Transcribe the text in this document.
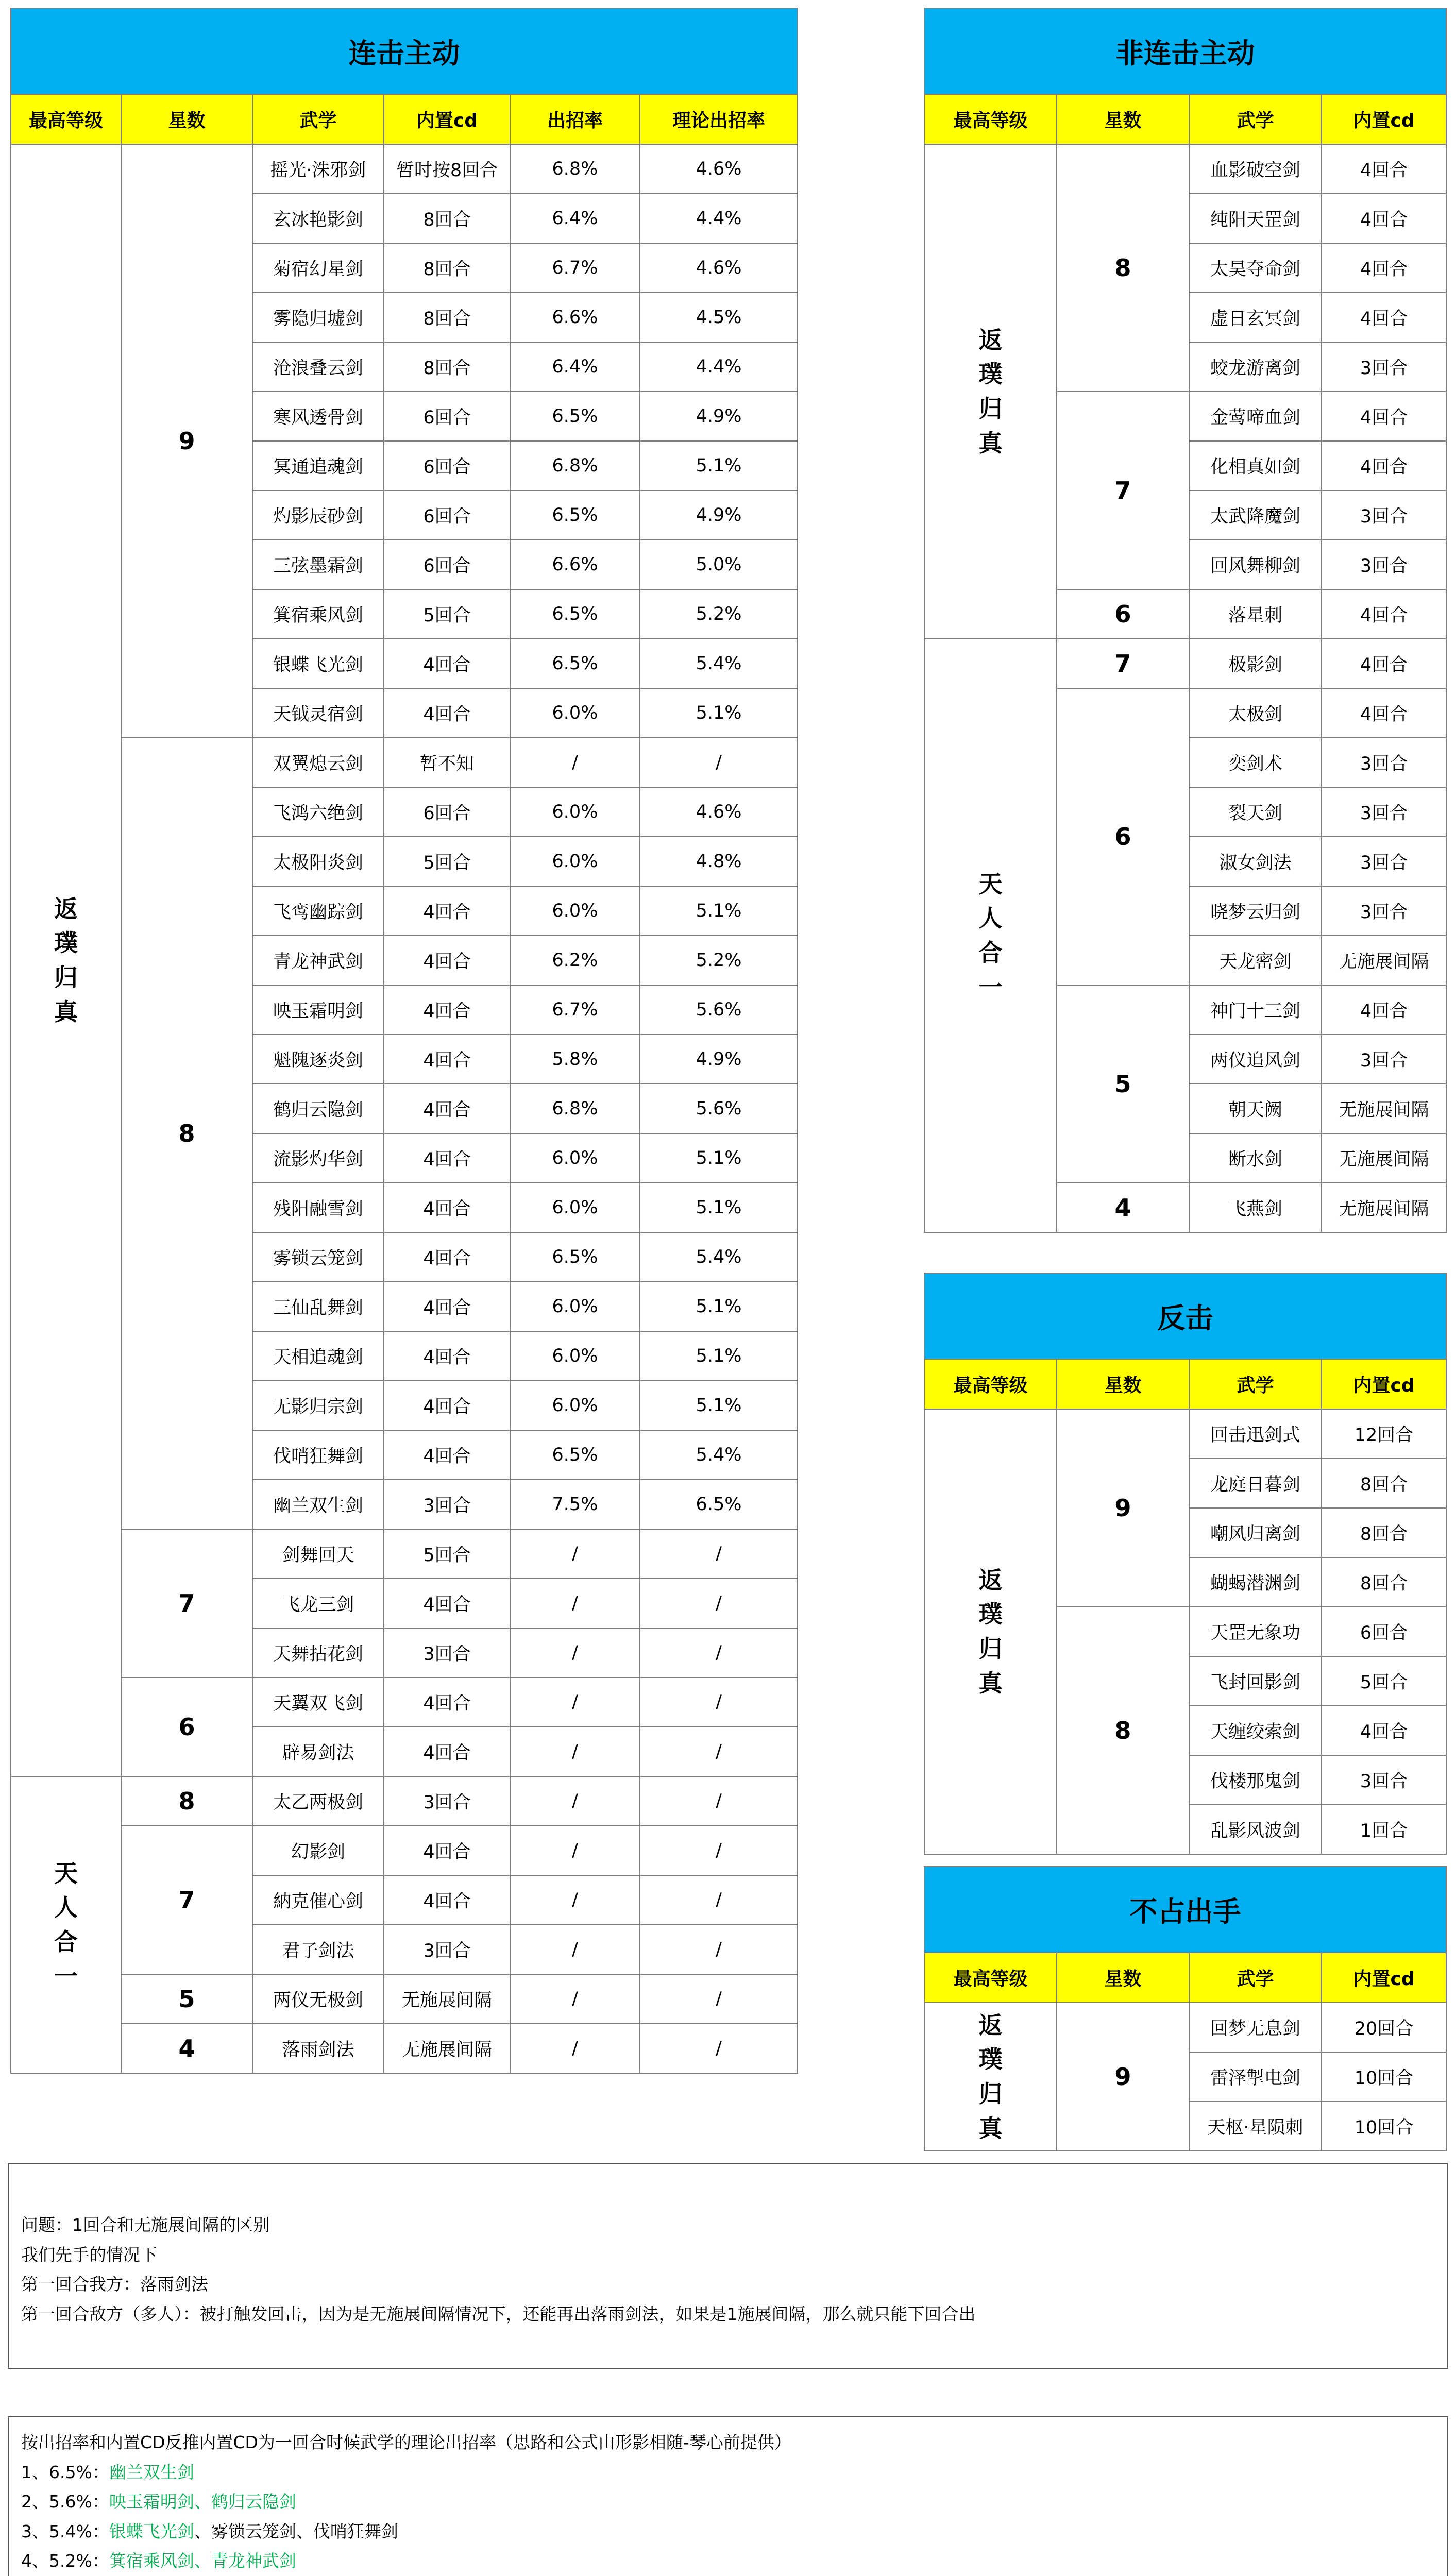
连击主动					
最高等级	星数	武学	内置cd	出招率	理论出招率
返
璞
归
真	9	摇光·洙邪剑	暂时按8回合	6.8%	4.6%
		玄冰艳影剑	8回合	6.4%	4.4%
		菊宿幻星剑	8回合	6.7%	4.6%
		雾隐归墟剑	8回合	6.6%	4.5%
		沧浪叠云剑	8回合	6.4%	4.4%
		寒风透骨剑	6回合	6.5%	4.9%
		冥通追魂剑	6回合	6.8%	5.1%
		灼影辰砂剑	6回合	6.5%	4.9%
		三弦墨霜剑	6回合	6.6%	5.0%
		箕宿乘风剑	5回合	6.5%	5.2%
		银蝶飞光剑	4回合	6.5%	5.4%
		天钺灵宿剑	4回合	6.0%	5.1%
	8	双翼熄云剑	暂不知	/	/
		飞鸿六绝剑	6回合	6.0%	4.6%
		太极阳炎剑	5回合	6.0%	4.8%
		飞鸾幽踪剑	4回合	6.0%	5.1%
		青龙神武剑	4回合	6.2%	5.2%
		映玉霜明剑	4回合	6.7%	5.6%
		魁隗逐炎剑	4回合	5.8%	4.9%
		鹤归云隐剑	4回合	6.8%	5.6%
		流影灼华剑	4回合	6.0%	5.1%
		残阳融雪剑	4回合	6.0%	5.1%
		雾锁云笼剑	4回合	6.5%	5.4%
		三仙乱舞剑	4回合	6.0%	5.1%
		天相追魂剑	4回合	6.0%	5.1%
		无影归宗剑	4回合	6.0%	5.1%
		伐哨狂舞剑	4回合	6.5%	5.4%
		幽兰双生剑	3回合	7.5%	6.5%
	7	剑舞回天	5回合	/	/
		飞龙三剑	4回合	/	/
		天舞拈花剑	3回合	/	/
	6	天翼双飞剑	4回合	/	/
		辟易剑法	4回合	/	/
天
人
合
一	8	太乙两极剑	3回合	/	/
	7	幻影剑	4回合	/	/
		納克催心剑	4回合	/	/
		君子剑法	3回合	/	/
	5	两仪无极剑	无施展间隔	/	/
	4	落雨剑法	无施展间隔	/	/
非连击主动			
最高等级	星数	武学	内置cd
返
璞
归
真	8	血影破空剑	4回合
		纯阳天罡剑	4回合
		太昊夺命剑	4回合
		虚日玄冥剑	4回合
		蛟龙游离剑	3回合
	7	金莺啼血剑	4回合
		化相真如剑	4回合
		太武降魔剑	3回合
		回风舞柳剑	3回合
	6	落星刺	4回合
天
人
合
一	7	极影剑	4回合
	6	太极剑	4回合
		奕剑术	3回合
		裂天剑	3回合
		淑女剑法	3回合
		晓梦云归剑	3回合
		天龙密剑	无施展间隔
	5	神门十三剑	4回合
		两仪追风剑	3回合
		朝天阙	无施展间隔
		断水剑	无施展间隔
	4	飞燕剑	无施展间隔
反击			
最高等级	星数	武学	内置cd
返
璞
归
真	9	回击迅剑式	12回合
		龙庭日暮剑	8回合
		嘲风归离剑	8回合
		蝴蝎潜渊剑	8回合
	8	天罡无象功	6回合
		飞封回影剑	5回合
		天缠绞索剑	4回合
		伐楼那鬼剑	3回合
		乱影风波剑	1回合
不占出手			
最高等级	星数	武学	内置cd
返
璞
归
真	9	回梦无息剑	20回合
		雷泽掣电剑	10回合
		天枢·星陨刺	10回合
问题：1回合和无施展间隔的区别
我们先手的情况下
第一回合我方：落雨剑法
第一回合敌方（多人）：被打触发回击，因为是无施展间隔情况下，还能再出落雨剑法，如果是1施展间隔，那么就只能下回合出
按出招率和内置CD反推内置CD为一回合时候武学的理论出招率（思路和公式由形影相随-琴心前提供）
1、6.5%：幽兰双生剑
2、5.6%：映玉霜明剑、鹤归云隐剑
3、5.4%：银蝶飞光剑、雾锁云笼剑、伐哨狂舞剑
4、5.2%：箕宿乘风剑、青龙神武剑
